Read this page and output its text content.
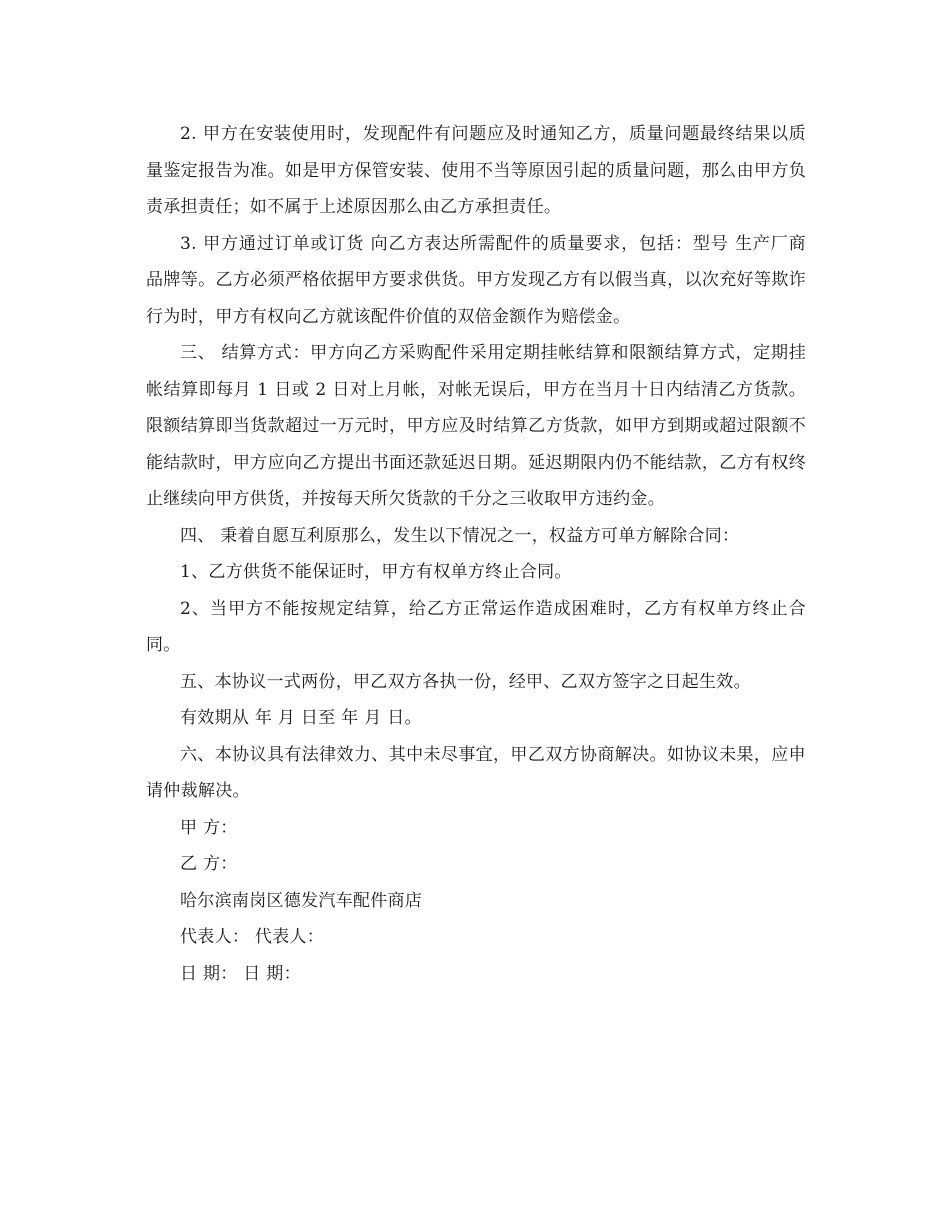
2. 甲方在安装使用时，发现配件有问题应及时通知乙方，质量问题最终结果以质量鉴定报告为准。如是甲方保管安装、使用不当等原因引起的质量问题，那么由甲方负责承担责任；如不属于上述原因那么由乙方承担责任。

3. 甲方通过订单或订货 向乙方表达所需配件的质量要求，包括：型号 生产厂商 品牌等。乙方必须严格依据甲方要求供货。甲方发现乙方有以假当真，以次充好等欺诈行为时，甲方有权向乙方就该配件价值的双倍金额作为赔偿金。

三、 结算方式：甲方向乙方采购配件采用定期挂帐结算和限额结算方式，定期挂帐结算即每月 1 日或 2 日对上月帐，对帐无误后，甲方在当月十日内结清乙方货款。限额结算即当货款超过一万元时，甲方应及时结算乙方货款，如甲方到期或超过限额不能结款时，甲方应向乙方提出书面还款延迟日期。延迟期限内仍不能结款，乙方有权终止继续向甲方供货，并按每天所欠货款的千分之三收取甲方违约金。

四、 秉着自愿互利原那么，发生以下情况之一，权益方可单方解除合同：

1、乙方供货不能保证时，甲方有权单方终止合同。

2、当甲方不能按规定结算，给乙方正常运作造成困难时，乙方有权单方终止合同。

五、本协议一式两份，甲乙双方各执一份，经甲、乙双方签字之日起生效。

有效期从 年 月 日至 年 月 日。

六、本协议具有法律效力、其中未尽事宜，甲乙双方协商解决。如协议未果，应申请仲裁解决。

甲 方：

乙 方：

哈尔滨南岗区德发汽车配件商店

代表人： 代表人：

日 期： 日 期：
